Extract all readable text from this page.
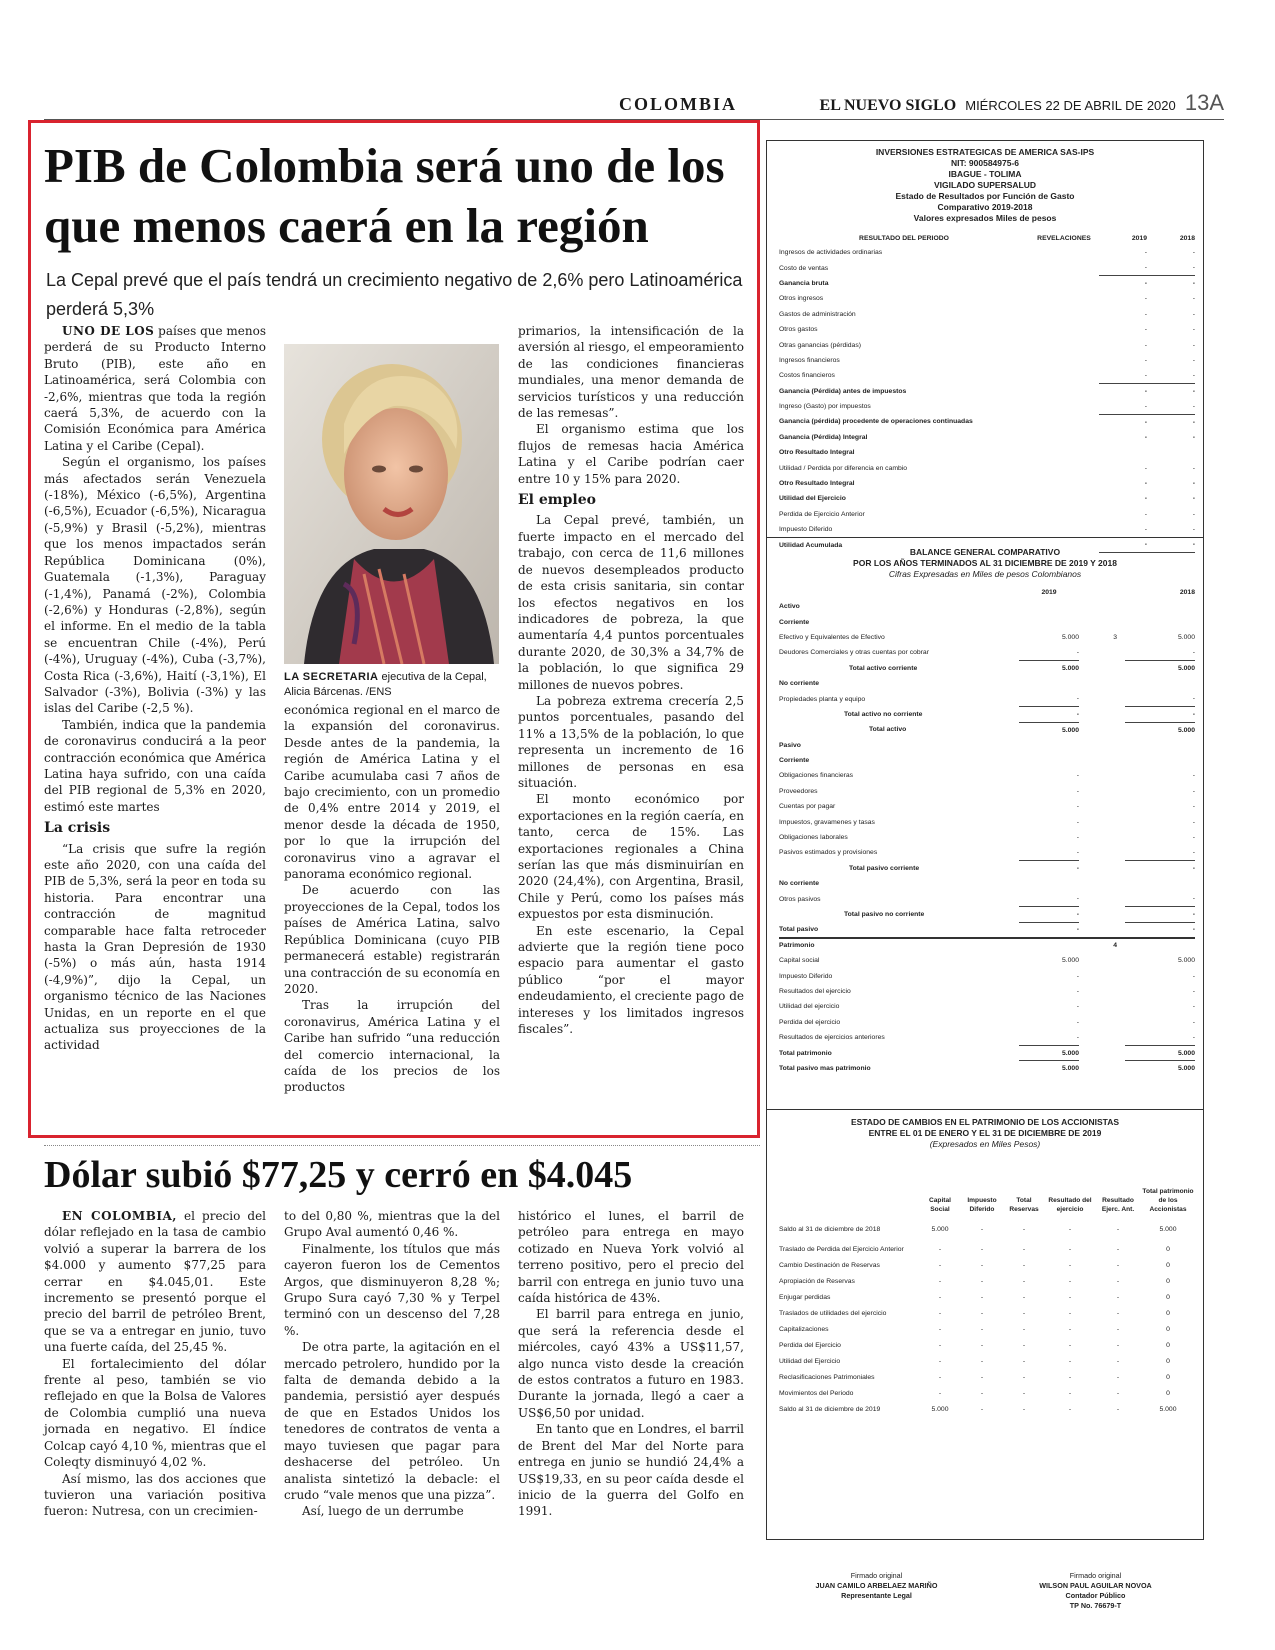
COLOMBIA	EL NUEVO SIGLO MIÉRCOLES 22 DE ABRIL DE 2020 13A
PIB de Colombia será uno de los que menos caerá en la región
La Cepal prevé que el país tendrá un crecimiento negativo de 2,6% pero Latinoamérica perderá 5,3%

UNO DE LOS países que menos perderá de su Producto Interno Bruto (PIB), este año en Latinoamérica, será Colombia con -2,6%, mientras que toda la región caerá 5,3%, de acuerdo con la Comisión Económica para América Latina y el Caribe (Cepal).

Según el organismo, los países más afectados serán Venezuela (-18%), México (-6,5%), Argentina (-6,5%), Ecuador (-6,5%), Nicaragua (-5,9%) y Brasil (-5,2%), mientras que los menos impactados serán República Dominicana (0%), Guatemala (-1,3%), Paraguay (-1,4%), Panamá (-2%), Colombia (-2,6%) y Honduras (-2,8%), según el informe. En el medio de la tabla se encuentran Chile (-4%), Perú (-4%), Uruguay (-4%), Cuba (-3,7%), Costa Rica (-3,6%), Haití (-3,1%), El Salvador (-3%), Bolivia (-3%) y las islas del Caribe (-2,5 %).

También, indica que la pandemia de coronavirus conducirá a la peor contracción económica que América Latina haya sufrido, con una caída del PIB regional de 5,3% en 2020, estimó este martes

La crisis

“La crisis que sufre la región este año 2020, con una caída del PIB de 5,3%, será la peor en toda su historia. Para encontrar una contracción de magnitud comparable hace falta retroceder hasta la Gran Depresión de 1930 (-5%) o más aún, hasta 1914 (-4,9%)”, dijo la Cepal, un organismo técnico de las Naciones Unidas, en un reporte en el que actualiza sus proyecciones de la actividad

LA SECRETARIA ejecutiva de la Cepal, Alicia Bárcenas. /ENS

económica regional en el marco de la expansión del coronavirus. Desde antes de la pandemia, la región de América Latina y el Caribe acumulaba casi 7 años de bajo crecimiento, con un promedio de 0,4% entre 2014 y 2019, el menor desde la década de 1950, por lo que la irrupción del coronavirus vino a agravar el panorama económico regional.

De acuerdo con las proyecciones de la Cepal, todos los países de América Latina, salvo República Dominicana (cuyo PIB permanecerá estable) registrarán una contracción de su economía en 2020.

Tras la irrupción del coronavirus, América Latina y el Caribe han sufrido “una reducción del comercio internacional, la caída de los precios de los productos

primarios, la intensificación de la aversión al riesgo, el empeoramiento de las condiciones financieras mundiales, una menor demanda de servicios turísticos y una reducción de las remesas”.

El organismo estima que los flujos de remesas hacia América Latina y el Caribe podrían caer entre 10 y 15% para 2020.

El empleo

La Cepal prevé, también, un fuerte impacto en el mercado del trabajo, con cerca de 11,6 millones de nuevos desempleados producto de esta crisis sanitaria, sin contar los efectos negativos en los indicadores de pobreza, la que aumentaría 4,4 puntos porcentuales durante 2020, de 30,3% a 34,7% de la población, lo que significa 29 millones de nuevos pobres.

La pobreza extrema crecería 2,5 puntos porcentuales, pasando del 11% a 13,5% de la población, lo que representa un incremento de 16 millones de personas en esa situación.

El monto económico por exportaciones en la región caería, en tanto, cerca de 15%. Las exportaciones regionales a China serían las que más disminuirían en 2020 (24,4%), con Argentina, Brasil, Chile y Perú, como los países más expuestos por esta disminución.

En este escenario, la Cepal advierte que la región tiene poco espacio para aumentar el gasto público “por el mayor endeudamiento, el creciente pago de intereses y los limitados ingresos fiscales”.

Dólar subió $77,25 y cerró en $4.045

EN COLOMBIA, el precio del dólar reflejado en la tasa de cambio volvió a superar la barrera de los $4.000 y aumento $77,25 para cerrar en $4.045,01. Este incremento se presentó porque el precio del barril de petróleo Brent, que se va a entregar en junio, tuvo una fuerte caída, del 25,45 %.

El fortalecimiento del dólar frente al peso, también se vio reflejado en que la Bolsa de Valores de Colombia cumplió una nueva jornada en negativo. El índice Colcap cayó 4,10 %, mientras que el Coleqty disminuyó 4,02 %.

Así mismo, las dos acciones que tuvieron una variación positiva fueron: Nutresa, con un crecimien-

to del 0,80 %, mientras que la del Grupo Aval aumentó 0,46 %.

Finalmente, los títulos que más cayeron fueron los de Cementos Argos, que disminuyeron 8,28 %; Grupo Sura cayó 7,30 % y Terpel terminó con un descenso del 7,28 %.

De otra parte, la agitación en el mercado petrolero, hundido por la falta de demanda debido a la pandemia, persistió ayer después de que en Estados Unidos los tenedores de contratos de venta a mayo tuviesen que pagar para deshacerse del petróleo. Un analista sintetizó la debacle: el crudo “vale menos que una pizza”.

Así, luego de un derrumbe

histórico el lunes, el barril de petróleo para entrega en mayo cotizado en Nueva York volvió al terreno positivo, pero el precio del barril con entrega en junio tuvo una caída histórica de 43%.

El barril para entrega en junio, que será la referencia desde el miércoles, cayó 43% a US$11,57, algo nunca visto desde la creación de estos contratos a futuro en 1983. Durante la jornada, llegó a caer a US$6,50 por unidad.

En tanto que en Londres, el barril de Brent del Mar del Norte para entrega en junio se hundió 24,4% a US$19,33, en su peor caída desde el inicio de la guerra del Golfo en 1991.

INVERSIONES ESTRATEGICAS DE AMERICA SAS-IPS
NIT: 900584975-6
IBAGUE - TOLIMA
VIGILADO SUPERSALUD
Estado de Resultados por Función de Gasto
Comparativo 2019-2018
Valores expresados Miles de pesos
RESULTADO DEL PERIODO	REVELACIONES	2019	2018
Ingresos de actividades ordinarias		-	-
Costo de ventas		-	-
Ganancia bruta		-	-
Otros ingresos		-	-
Gastos de administración		-	-
Otros gastos		-	-
Otras ganancias (pérdidas)		-	-
Ingresos financieros		-	-
Costos financieros		-	-
Ganancia (Pérdida) antes de impuestos		-	-
Ingreso (Gasto) por impuestos		-	-
Ganancia (pérdida) procedente de operaciones continuadas		-	-
Ganancia (Pérdida) Integral		-	-
Otro Resultado Integral			
Utilidad / Perdida por diferencia en cambio		-	-
Otro Resultado Integral		-	-
Utilidad del Ejercicio		-	-
Perdida de Ejercicio Anterior		-	-
Impuesto Diferido		-	-
Utilidad Acumulada		-	-
BALANCE GENERAL COMPARATIVO
POR LOS AÑOS TERMINADOS AL 31 DICIEMBRE DE 2019 Y 2018
Cifras Expresadas en Miles de pesos Colombianos
	2019		2018
Activo			
Corriente			
Efectivo y Equivalentes de Efectivo	5.000	3	5.000
Deudores Comerciales y otras cuentas por cobrar	-		-
Total activo corriente	5.000		5.000
No corriente			
Propiedades planta y equipo	-		-
Total activo no corriente	-		-
Total activo	5.000		5.000
Pasivo			
Corriente			
Obligaciones financieras	-		-
Proveedores	-		-
Cuentas por pagar	-		-
Impuestos, gravamenes y tasas	-		-
Obligaciones laborales	-		-
Pasivos estimados y provisiones	-		-
Total pasivo corriente	-		-
No corriente			
Otros pasivos	-		-
Total pasivo no corriente	-		-
Total pasivo	-		-
Patrimonio		4	
Capital social	5.000		5.000
Impuesto Diferido	-		-
Resultados del ejercicio	-		-
Utilidad del ejercicio	-		-
Perdida del ejercicio	-		-
Resultados de ejercicios anteriores	-		-
Total patrimonio	5.000		5.000
Total pasivo mas patrimonio	5.000		5.000
ESTADO DE CAMBIOS EN EL PATRIMONIO DE LOS ACCIONISTAS
ENTRE EL 01 DE ENERO Y EL 31 DE DICIEMBRE DE 2019
(Expresados en Miles Pesos)
	Capital Social	Impuesto Diferido	Total Reservas	Resultado del ejercicio	Resultado Ejerc. Ant.	Total patrimonio de los Accionistas
Saldo al 31 de diciembre de 2018	5.000	-	-	-	-	5.000
Traslado de Perdida del Ejercicio Anterior	-	-	-	-	-	0
Cambio Destinación de Reservas	-	-	-	-	-	0
Apropiación de Reservas	-	-	-	-	-	0
Enjugar perdidas	-	-	-	-	-	0
Traslados de utilidades del ejercicio	-	-	-	-	-	0
Capitalizaciones	-	-	-	-	-	0
Perdida del Ejercicio	-	-	-	-	-	0
Utilidad del Ejercicio	-	-	-	-	-	0
Reclasificaciones Patrimoniales	-	-	-	-	-	0
Movimientos del Periodo	-	-	-	-	-	0
Saldo al 31 de diciembre de 2019	5.000	-	-	-	-	5.000
Firmado original
JUAN CAMILO ARBELAEZ MARIÑO
Representante Legal
Firmado original
WILSON PAUL AGUILAR NOVOA
Contador Público
TP No. 76679-T
